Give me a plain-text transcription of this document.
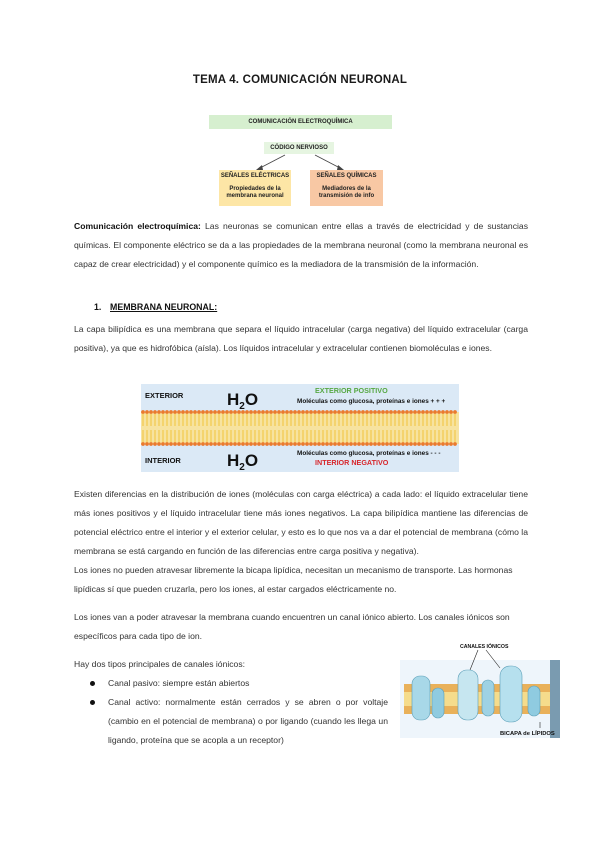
TEMA 4. COMUNICACIÓN NEURONAL
COMUNICACIÓN ELECTROQUÍMICA
CÓDIGO NERVIOSO
SEÑALES ELÉCTRICAS
Propiedades de la
membrana neuronal
SEÑALES QUÍMICAS
Mediadores de la
transmisión de info
Comunicación electroquímica: Las neuronas se comunican entre ellas a través de electricidad y de sustancias químicas. El componente eléctrico se da a las propiedades de la membrana neuronal (como la membrana neuronal es capaz de crear electricidad) y el componente químico es la mediadora de la transmisión de la información.
1. MEMBRANA NEURONAL:
La capa bilipídica es una membrana que separa el líquido intracelular (carga negativa) del líquido extracelular (carga positiva), ya que es hidrofóbica (aísla). Los líquidos intracelular y extracelular contienen biomoléculas e iones.
EXTERIOR
INTERIOR
$H_2O$
$H_2O$
EXTERIOR POSITIVO
Moléculas como glucosa, proteínas e iones + + +
Moléculas como glucosa, proteínas e iones - - -
INTERIOR NEGATIVO
Existen diferencias en la distribución de iones (moléculas con carga eléctrica) a cada lado: el líquido extracelular tiene más iones positivos y el líquido intracelular tiene más iones negativos. La capa bilipídica mantiene las diferencias de potencial eléctrico entre el interior y el exterior celular, y esto es lo que nos va a dar el potencial de membrana (cómo la membrana se está cargando en función de las diferencias entre carga positiva y negativa).
Los iones no pueden atravesar libremente la bicapa lipídica, necesitan un mecanismo de transporte. Las hormonas lipídicas sí que pueden cruzarla, pero los iones, al estar cargados eléctricamente no.
Los iones van a poder atravesar la membrana cuando encuentren un canal iónico abierto. Los canales iónicos son específicos para cada tipo de ion.
Hay dos tipos principales de canales iónicos:
Canal pasivo: siempre están abiertos
Canal activo: normalmente están cerrados y se abren o por voltaje (cambio en el potencial de membrana) o por ligando (cuando les llega un ligando, proteína que se acopla a un receptor)
CANALES IÓNICOS
BICAPA de LÍPIDOS
